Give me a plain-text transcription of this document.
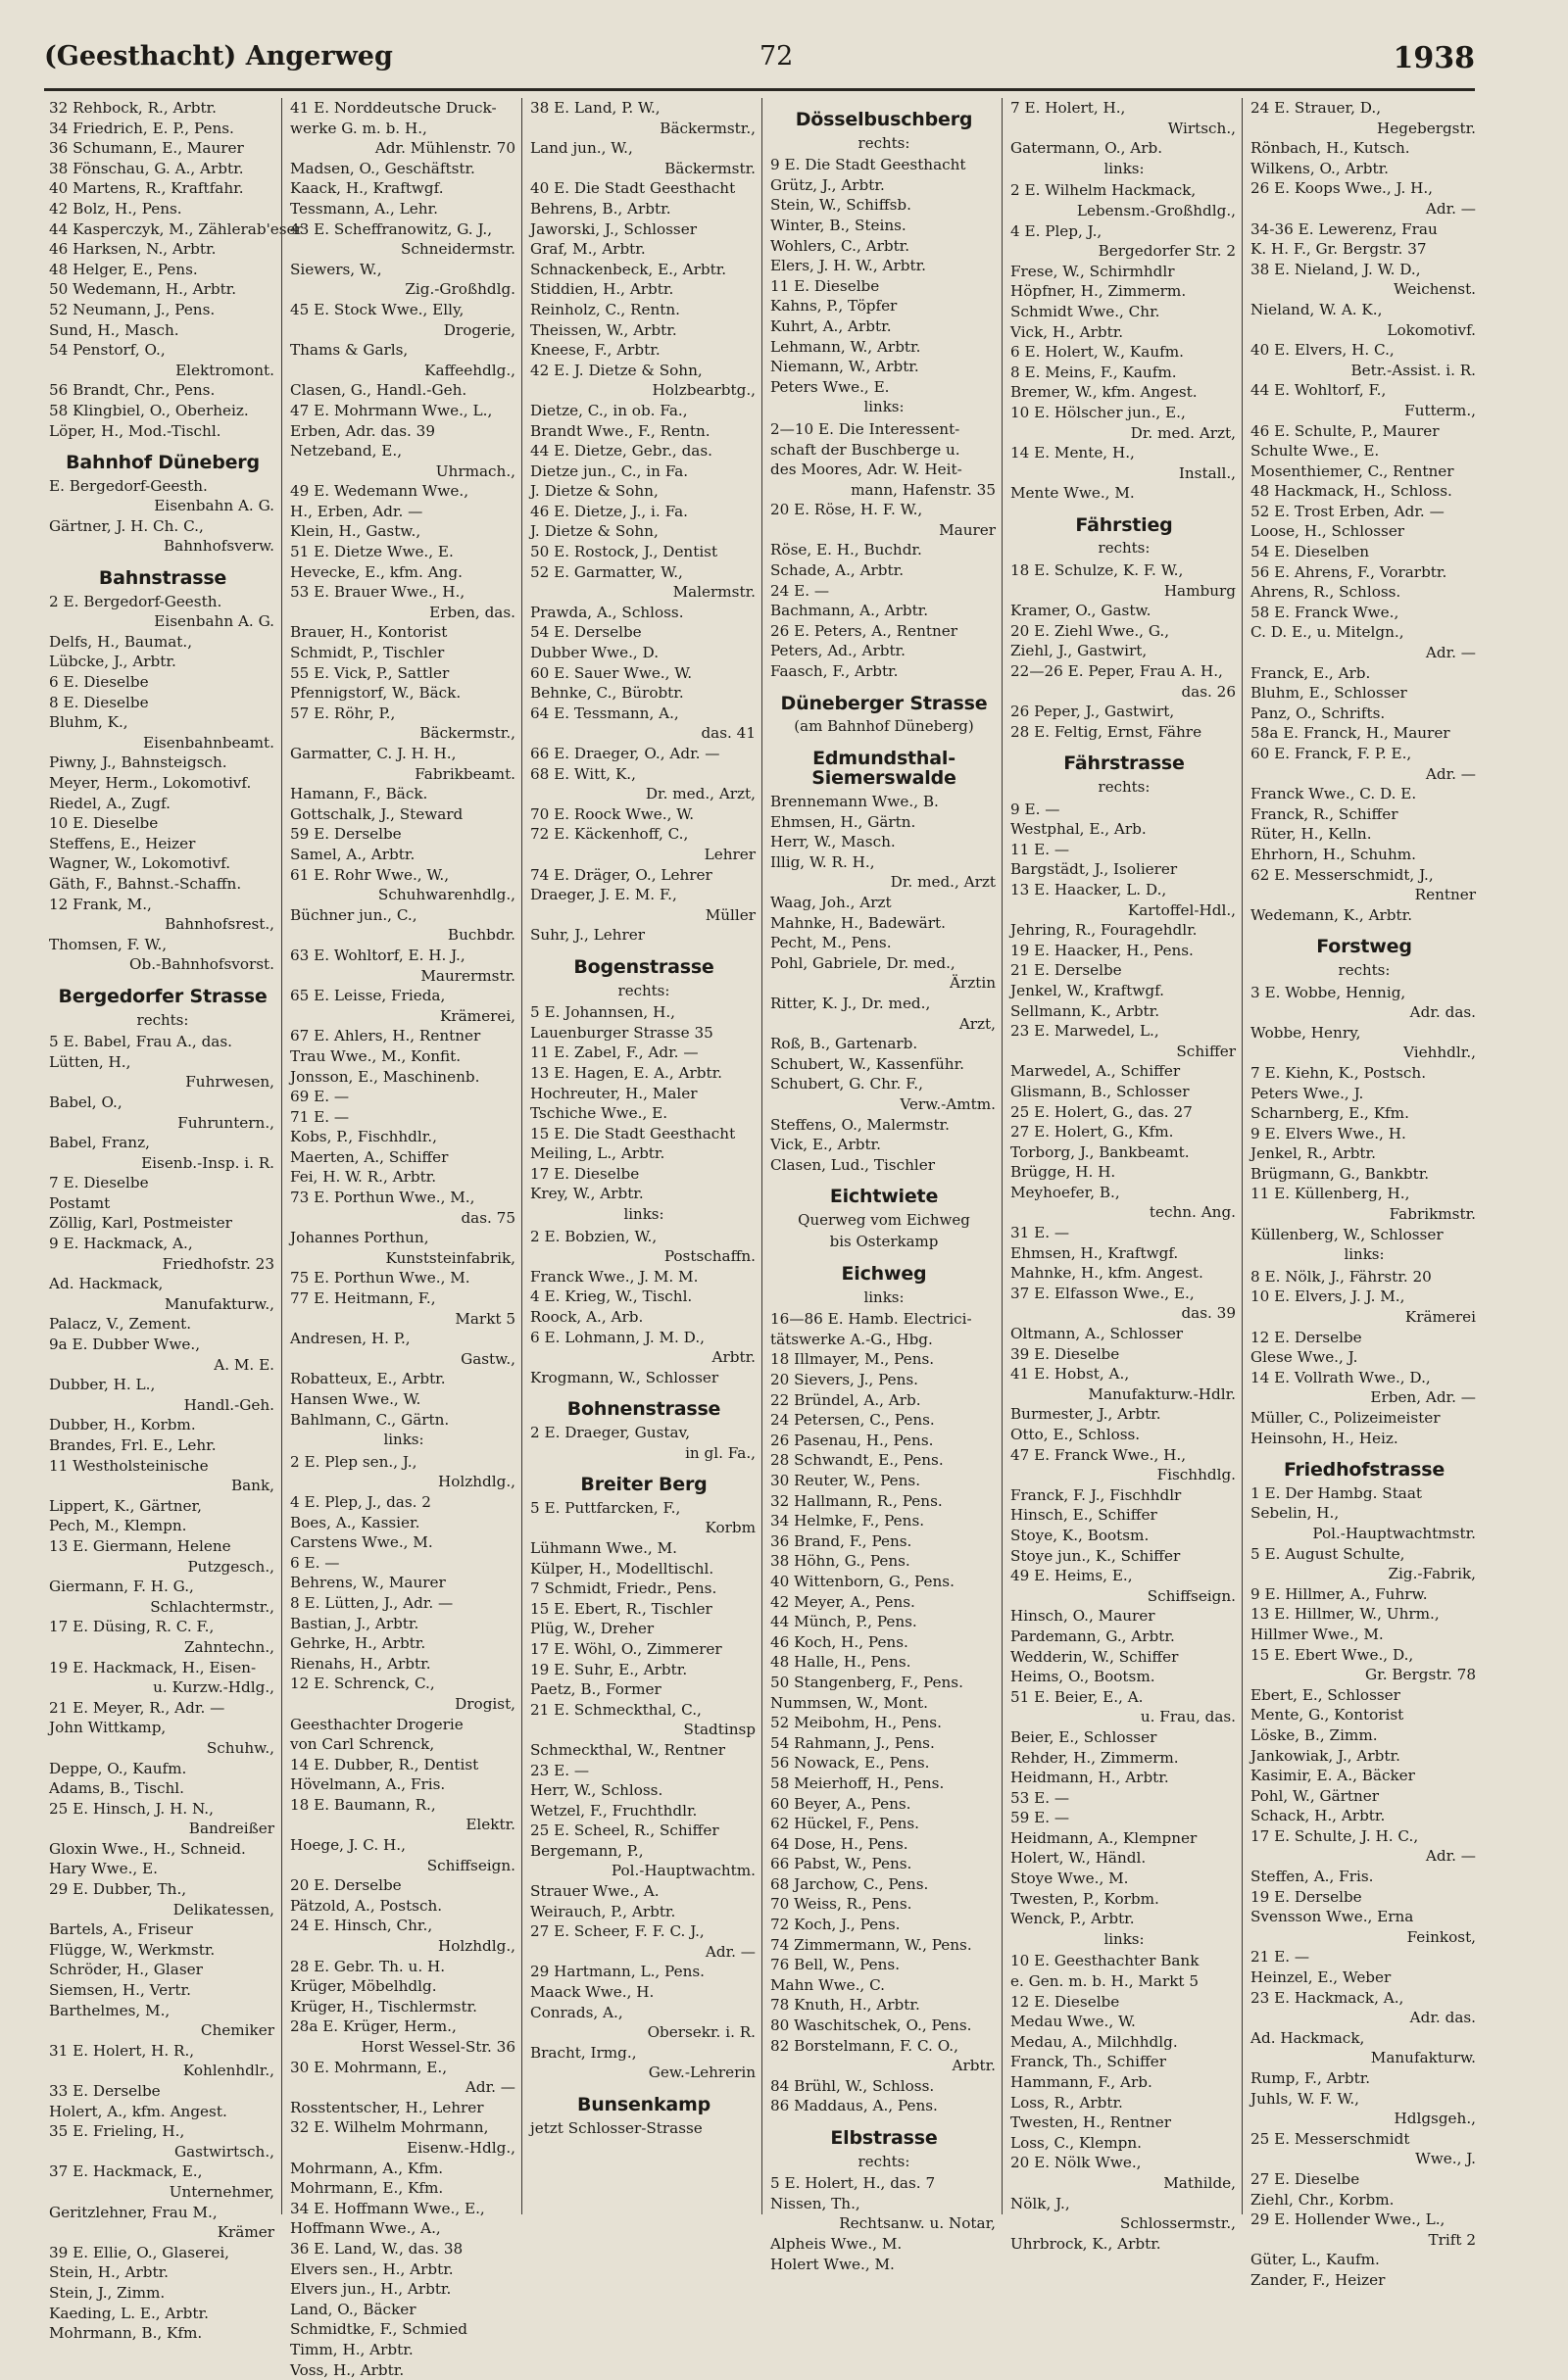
(Geesthacht) Angerweg	72	1938
32 Rehbock, R., Arbtr.
34 Friedrich, E. P., Pens.
36 Schumann, E., Maurer
38 Fönschau, G. A., Arbtr.
40 Martens, R., Kraftfahr.
42 Bolz, H., Pens.
44 Kasperczyk, M., Zählerab'eser
46 Harksen, N., Arbtr.
48 Helger, E., Pens.
50 Wedemann, H., Arbtr.
52 Neumann, J., Pens.
Sund, H., Masch.
54 Penstorf, O.,
Elektromont.
56 Brandt, Chr., Pens.
58 Klingbiel, O., Oberheiz.
Löper, H., Mod.-Tischl.
Bahnhof Düneberg
E. Bergedorf-Geesth.
Eisenbahn A. G.
Gärtner, J. H. Ch. C.,
Bahnhofsverw.
Bahnstrasse
2 E. Bergedorf-Geesth.
Eisenbahn A. G.
Delfs, H., Baumat.,
Lübcke, J., Arbtr.
6 E. Dieselbe
8 E. Dieselbe
Bluhm, K.,
Eisenbahnbeamt.
Piwny, J., Bahnsteigsch.
Meyer, Herm., Lokomotivf.
Riedel, A., Zugf.
10 E. Dieselbe
Steffens, E., Heizer
Wagner, W., Lokomotivf.
Gäth, F., Bahnst.-Schaffn.
12 Frank, M.,
Bahnhofsrest.,
Thomsen, F. W.,
Ob.-Bahnhofsvorst.
Bergedorfer Strasse
rechts:
5 E. Babel, Frau A., das.
Lütten, H.,
Fuhrwesen,
Babel, O.,
Fuhruntern.,
Babel, Franz,
Eisenb.-Insp. i. R.
7 E. Dieselbe
Postamt
Zöllig, Karl, Postmeister
9 E. Hackmack, A.,
Friedhofstr. 23
Ad. Hackmack,
Manufakturw.,
Palacz, V., Zement.
9a E. Dubber Wwe.,
A. M. E.
Dubber, H. L.,
Handl.-Geh.
Dubber, H., Korbm.
Brandes, Frl. E., Lehr.
11 Westholsteinische
Bank,
Lippert, K., Gärtner,
Pech, M., Klempn.
13 E. Giermann, Helene
Putzgesch.,
Giermann, F. H. G.,
Schlachtermstr.,
17 E. Düsing, R. C. F.,
Zahntechn.,
19 E. Hackmack, H., Eisen-
u. Kurzw.-Hdlg.,
21 E. Meyer, R., Adr. —
John Wittkamp,
Schuhw.,
Deppe, O., Kaufm.
Adams, B., Tischl.
25 E. Hinsch, J. H. N.,
Bandreißer
Gloxin Wwe., H., Schneid.
Hary Wwe., E.
29 E. Dubber, Th.,
Delikatessen,
Bartels, A., Friseur
Flügge, W., Werkmstr.
Schröder, H., Glaser
Siemsen, H., Vertr.
Barthelmes, M.,
Chemiker
31 E. Holert, H. R.,
Kohlenhdlr.,
33 E. Derselbe
Holert, A., kfm. Angest.
35 E. Frieling, H.,
Gastwirtsch.,
37 E. Hackmack, E.,
Unternehmer,
Geritzlehner, Frau M.,
Krämer
39 E. Ellie, O., Glaserei,
Stein, H., Arbtr.
Stein, J., Zimm.
Kaeding, L. E., Arbtr.
Mohrmann, B., Kfm.
41 E. Norddeutsche Druck-
werke G. m. b. H.,
Adr. Mühlenstr. 70
Madsen, O., Geschäftstr.
Kaack, H., Kraftwgf.
Tessmann, A., Lehr.
43 E. Scheffranowitz, G. J.,
Schneidermstr.
Siewers, W.,
Zig.-Großhdlg.
45 E. Stock Wwe., Elly,
Drogerie,
Thams & Garls,
Kaffeehdlg.,
Clasen, G., Handl.-Geh.
47 E. Mohrmann Wwe., L.,
Erben, Adr. das. 39
Netzeband, E.,
Uhrmach.,
49 E. Wedemann Wwe.,
H., Erben, Adr. —
Klein, H., Gastw.,
51 E. Dietze Wwe., E.
Hevecke, E., kfm. Ang.
53 E. Brauer Wwe., H.,
Erben, das.
Brauer, H., Kontorist
Schmidt, P., Tischler
55 E. Vick, P., Sattler
Pfennigstorf, W., Bäck.
57 E. Röhr, P.,
Bäckermstr.,
Garmatter, C. J. H. H.,
Fabrikbeamt.
Hamann, F., Bäck.
Gottschalk, J., Steward
59 E. Derselbe
Samel, A., Arbtr.
61 E. Rohr Wwe., W.,
Schuhwarenhdlg.,
Büchner jun., C.,
Buchbdr.
63 E. Wohltorf, E. H. J.,
Maurermstr.
65 E. Leisse, Frieda,
Krämerei,
67 E. Ahlers, H., Rentner
Trau Wwe., M., Konfit.
Jonsson, E., Maschinenb.
69 E. —
71 E. —
Kobs, P., Fischhdlr.,
Maerten, A., Schiffer
Fei, H. W. R., Arbtr.
73 E. Porthun Wwe., M.,
das. 75
Johannes Porthun,
Kunststeinfabrik,
75 E. Porthun Wwe., M.
77 E. Heitmann, F.,
Markt 5
Andresen, H. P.,
Gastw.,
Robatteux, E., Arbtr.
Hansen Wwe., W.
Bahlmann, C., Gärtn.
links:
2 E. Plep sen., J.,
Holzhdlg.,
4 E. Plep, J., das. 2
Boes, A., Kassier.
Carstens Wwe., M.
6 E. —
Behrens, W., Maurer
8 E. Lütten, J., Adr. —
Bastian, J., Arbtr.
Gehrke, H., Arbtr.
Rienahs, H., Arbtr.
12 E. Schrenck, C.,
Drogist,
Geesthachter Drogerie
von Carl Schrenck,
14 E. Dubber, R., Dentist
Hövelmann, A., Fris.
18 E. Baumann, R.,
Elektr.
Hoege, J. C. H.,
Schiffseign.
20 E. Derselbe
Pätzold, A., Postsch.
24 E. Hinsch, Chr.,
Holzhdlg.,
28 E. Gebr. Th. u. H.
Krüger, Möbelhdlg.
Krüger, H., Tischlermstr.
28a E. Krüger, Herm.,
Horst Wessel-Str. 36
30 E. Mohrmann, E.,
Adr. —
Rosstentscher, H., Lehrer
32 E. Wilhelm Mohrmann,
Eisenw.-Hdlg.,
Mohrmann, A., Kfm.
Mohrmann, E., Kfm.
34 E. Hoffmann Wwe., E.,
Hoffmann Wwe., A.,
36 E. Land, W., das. 38
Elvers sen., H., Arbtr.
Elvers jun., H., Arbtr.
Land, O., Bäcker
Schmidtke, F., Schmied
Timm, H., Arbtr.
Voss, H., Arbtr.
38 E. Land, P. W.,
Bäckermstr.,
Land jun., W.,
Bäckermstr.
40 E. Die Stadt Geesthacht
Behrens, B., Arbtr.
Jaworski, J., Schlosser
Graf, M., Arbtr.
Schnackenbeck, E., Arbtr.
Stiddien, H., Arbtr.
Reinholz, C., Rentn.
Theissen, W., Arbtr.
Kneese, F., Arbtr.
42 E. J. Dietze & Sohn,
Holzbearbtg.,
Dietze, C., in ob. Fa.,
Brandt Wwe., F., Rentn.
44 E. Dietze, Gebr., das.
Dietze jun., C., in Fa.
J. Dietze & Sohn,
46 E. Dietze, J., i. Fa.
J. Dietze & Sohn,
50 E. Rostock, J., Dentist
52 E. Garmatter, W.,
Malermstr.
Prawda, A., Schloss.
54 E. Derselbe
Dubber Wwe., D.
60 E. Sauer Wwe., W.
Behnke, C., Bürobtr.
64 E. Tessmann, A.,
das. 41
66 E. Draeger, O., Adr. —
68 E. Witt, K.,
Dr. med., Arzt,
70 E. Roock Wwe., W.
72 E. Käckenhoff, C.,
Lehrer
74 E. Dräger, O., Lehrer
Draeger, J. E. M. F.,
Müller
Suhr, J., Lehrer
Bogenstrasse
rechts:
5 E. Johannsen, H.,
Lauenburger Strasse 35
11 E. Zabel, F., Adr. —
13 E. Hagen, E. A., Arbtr.
Hochreuter, H., Maler
Tschiche Wwe., E.
15 E. Die Stadt Geesthacht
Meiling, L., Arbtr.
17 E. Dieselbe
Krey, W., Arbtr.
links:
2 E. Bobzien, W.,
Postschaffn.
Franck Wwe., J. M. M.
4 E. Krieg, W., Tischl.
Roock, A., Arb.
6 E. Lohmann, J. M. D.,
Arbtr.
Krogmann, W., Schlosser
Bohnenstrasse
2 E. Draeger, Gustav,
in gl. Fa.,
Breiter Berg
5 E. Puttfarcken, F.,
Korbm
Lühmann Wwe., M.
Külper, H., Modelltischl.
7 Schmidt, Friedr., Pens.
15 E. Ebert, R., Tischler
Plüg, W., Dreher
17 E. Wöhl, O., Zimmerer
19 E. Suhr, E., Arbtr.
Paetz, B., Former
21 E. Schmeckthal, C.,
Stadtinsp
Schmeckthal, W., Rentner
23 E. —
Herr, W., Schloss.
Wetzel, F., Fruchthdlr.
25 E. Scheel, R., Schiffer
Bergemann, P.,
Pol.-Hauptwachtm.
Strauer Wwe., A.
Weirauch, P., Arbtr.
27 E. Scheer, F. F. C. J.,
Adr. —
29 Hartmann, L., Pens.
Maack Wwe., H.
Conrads, A.,
Obersekr. i. R.
Bracht, Irmg.,
Gew.-Lehrerin
Bunsenkamp
jetzt Schlosser-Strasse
Dösselbuschberg
rechts:
9 E. Die Stadt Geesthacht
Grütz, J., Arbtr.
Stein, W., Schiffsb.
Winter, B., Steins.
Wohlers, C., Arbtr.
Elers, J. H. W., Arbtr.
11 E. Dieselbe
Kahns, P., Töpfer
Kuhrt, A., Arbtr.
Lehmann, W., Arbtr.
Niemann, W., Arbtr.
Peters Wwe., E.
links:
2—10 E. Die Interessent-
schaft der Buschberge u.
des Moores, Adr. W. Heit-
mann, Hafenstr. 35
20 E. Röse, H. F. W.,
Maurer
Röse, E. H., Buchdr.
Schade, A., Arbtr.
24 E. —
Bachmann, A., Arbtr.
26 E. Peters, A., Rentner
Peters, Ad., Arbtr.
Faasch, F., Arbtr.
Düneberger Strasse
(am Bahnhof Düneberg)
Edmundsthal-Siemerswalde
Brennemann Wwe., B.
Ehmsen, H., Gärtn.
Herr, W., Masch.
Illig, W. R. H.,
Dr. med., Arzt
Waag, Joh., Arzt
Mahnke, H., Badewärt.
Pecht, M., Pens.
Pohl, Gabriele, Dr. med.,
Ärztin
Ritter, K. J., Dr. med.,
Arzt,
Roß, B., Gartenarb.
Schubert, W., Kassenführ.
Schubert, G. Chr. F.,
Verw.-Amtm.
Steffens, O., Malermstr.
Vick, E., Arbtr.
Clasen, Lud., Tischler
Eichtwiete
Querweg vom Eichweg
bis Osterkamp
Eichweg
links:
16—86 E. Hamb. Electrici-
tätswerke A.-G., Hbg.
18 Illmayer, M., Pens.
20 Sievers, J., Pens.
22 Bründel, A., Arb.
24 Petersen, C., Pens.
26 Pasenau, H., Pens.
28 Schwandt, E., Pens.
30 Reuter, W., Pens.
32 Hallmann, R., Pens.
34 Helmke, F., Pens.
36 Brand, F., Pens.
38 Höhn, G., Pens.
40 Wittenborn, G., Pens.
42 Meyer, A., Pens.
44 Münch, P., Pens.
46 Koch, H., Pens.
48 Halle, H., Pens.
50 Stangenberg, F., Pens.
Nummsen, W., Mont.
52 Meibohm, H., Pens.
54 Rahmann, J., Pens.
56 Nowack, E., Pens.
58 Meierhoff, H., Pens.
60 Beyer, A., Pens.
62 Hückel, F., Pens.
64 Dose, H., Pens.
66 Pabst, W., Pens.
68 Jarchow, C., Pens.
70 Weiss, R., Pens.
72 Koch, J., Pens.
74 Zimmermann, W., Pens.
76 Bell, W., Pens.
Mahn Wwe., C.
78 Knuth, H., Arbtr.
80 Waschitschek, O., Pens.
82 Borstelmann, F. C. O.,
Arbtr.
84 Brühl, W., Schloss.
86 Maddaus, A., Pens.
Elbstrasse
rechts:
5 E. Holert, H., das. 7
Nissen, Th.,
Rechtsanw. u. Notar,
Alpheis Wwe., M.
Holert Wwe., M.
7 E. Holert, H.,
Wirtsch.,
Gatermann, O., Arb.
links:
2 E. Wilhelm Hackmack,
Lebensm.-Großhdlg.,
4 E. Plep, J.,
Bergedorfer Str. 2
Frese, W., Schirmhdlr
Höpfner, H., Zimmerm.
Schmidt Wwe., Chr.
Vick, H., Arbtr.
6 E. Holert, W., Kaufm.
8 E. Meins, F., Kaufm.
Bremer, W., kfm. Angest.
10 E. Hölscher jun., E.,
Dr. med. Arzt,
14 E. Mente, H.,
Install.,
Mente Wwe., M.
Fährstieg
rechts:
18 E. Schulze, K. F. W.,
Hamburg
Kramer, O., Gastw.
20 E. Ziehl Wwe., G.,
Ziehl, J., Gastwirt,
22—26 E. Peper, Frau A. H.,
das. 26
26 Peper, J., Gastwirt,
28 E. Feltig, Ernst, Fähre
Fährstrasse
rechts:
9 E. —
Westphal, E., Arb.
11 E. —
Bargstädt, J., Isolierer
13 E. Haacker, L. D.,
Kartoffel-Hdl.,
Jehring, R., Fouragehdlr.
19 E. Haacker, H., Pens.
21 E. Derselbe
Jenkel, W., Kraftwgf.
Sellmann, K., Arbtr.
23 E. Marwedel, L.,
Schiffer
Marwedel, A., Schiffer
Glismann, B., Schlosser
25 E. Holert, G., das. 27
27 E. Holert, G., Kfm.
Torborg, J., Bankbeamt.
Brügge, H. H.
Meyhoefer, B.,
techn. Ang.
31 E. —
Ehmsen, H., Kraftwgf.
Mahnke, H., kfm. Angest.
37 E. Elfasson Wwe., E.,
das. 39
Oltmann, A., Schlosser
39 E. Dieselbe
41 E. Hobst, A.,
Manufakturw.-Hdlr.
Burmester, J., Arbtr.
Otto, E., Schloss.
47 E. Franck Wwe., H.,
Fischhdlg.
Franck, F. J., Fischhdlr
Hinsch, E., Schiffer
Stoye, K., Bootsm.
Stoye jun., K., Schiffer
49 E. Heims, E.,
Schiffseign.
Hinsch, O., Maurer
Pardemann, G., Arbtr.
Wedderin, W., Schiffer
Heims, O., Bootsm.
51 E. Beier, E., A.
u. Frau, das.
Beier, E., Schlosser
Rehder, H., Zimmerm.
Heidmann, H., Arbtr.
53 E. —
59 E. —
Heidmann, A., Klempner
Holert, W., Händl.
Stoye Wwe., M.
Twesten, P., Korbm.
Wenck, P., Arbtr.
links:
10 E. Geesthachter Bank
e. Gen. m. b. H., Markt 5
12 E. Dieselbe
Medau Wwe., W.
Medau, A., Milchhdlg.
Franck, Th., Schiffer
Hammann, F., Arb.
Loss, R., Arbtr.
Twesten, H., Rentner
Loss, C., Klempn.
20 E. Nölk Wwe.,
Mathilde,
Nölk, J.,
Schlossermstr.,
Uhrbrock, K., Arbtr.
24 E. Strauer, D.,
Hegebergstr.
Rönbach, H., Kutsch.
Wilkens, O., Arbtr.
26 E. Koops Wwe., J. H.,
Adr. —
34-36 E. Lewerenz, Frau
K. H. F., Gr. Bergstr. 37
38 E. Nieland, J. W. D.,
Weichenst.
Nieland, W. A. K.,
Lokomotivf.
40 E. Elvers, H. C.,
Betr.-Assist. i. R.
44 E. Wohltorf, F.,
Futterm.,
46 E. Schulte, P., Maurer
Schulte Wwe., E.
Mosenthiemer, C., Rentner
48 Hackmack, H., Schloss.
52 E. Trost Erben, Adr. —
Loose, H., Schlosser
54 E. Dieselben
56 E. Ahrens, F., Vorarbtr.
Ahrens, R., Schloss.
58 E. Franck Wwe.,
C. D. E., u. Mitelgn.,
Adr. —
Franck, E., Arb.
Bluhm, E., Schlosser
Panz, O., Schrifts.
58a E. Franck, H., Maurer
60 E. Franck, F. P. E.,
Adr. —
Franck Wwe., C. D. E.
Franck, R., Schiffer
Rüter, H., Kelln.
Ehrhorn, H., Schuhm.
62 E. Messerschmidt, J.,
Rentner
Wedemann, K., Arbtr.
Forstweg
rechts:
3 E. Wobbe, Hennig,
Adr. das.
Wobbe, Henry,
Viehhdlr.,
7 E. Kiehn, K., Postsch.
Peters Wwe., J.
Scharnberg, E., Kfm.
9 E. Elvers Wwe., H.
Jenkel, R., Arbtr.
Brügmann, G., Bankbtr.
11 E. Küllenberg, H.,
Fabrikmstr.
Küllenberg, W., Schlosser
links:
8 E. Nölk, J., Fährstr. 20
10 E. Elvers, J. J. M.,
Krämerei
12 E. Derselbe
Glese Wwe., J.
14 E. Vollrath Wwe., D.,
Erben, Adr. —
Müller, C., Polizeimeister
Heinsohn, H., Heiz.
Friedhofstrasse
1 E. Der Hambg. Staat
Sebelin, H.,
Pol.-Hauptwachtmstr.
5 E. August Schulte,
Zig.-Fabrik,
9 E. Hillmer, A., Fuhrw.
13 E. Hillmer, W., Uhrm.,
Hillmer Wwe., M.
15 E. Ebert Wwe., D.,
Gr. Bergstr. 78
Ebert, E., Schlosser
Mente, G., Kontorist
Löske, B., Zimm.
Jankowiak, J., Arbtr.
Kasimir, E. A., Bäcker
Pohl, W., Gärtner
Schack, H., Arbtr.
17 E. Schulte, J. H. C.,
Adr. —
Steffen, A., Fris.
19 E. Derselbe
Svensson Wwe., Erna
Feinkost,
21 E. —
Heinzel, E., Weber
23 E. Hackmack, A.,
Adr. das.
Ad. Hackmack,
Manufakturw.
Rump, F., Arbtr.
Juhls, W. F. W.,
Hdlgsgeh.,
25 E. Messerschmidt
Wwe., J.
27 E. Dieselbe
Ziehl, Chr., Korbm.
29 E. Hollender Wwe., L.,
Trift 2
Güter, L., Kaufm.
Zander, F., Heizer
